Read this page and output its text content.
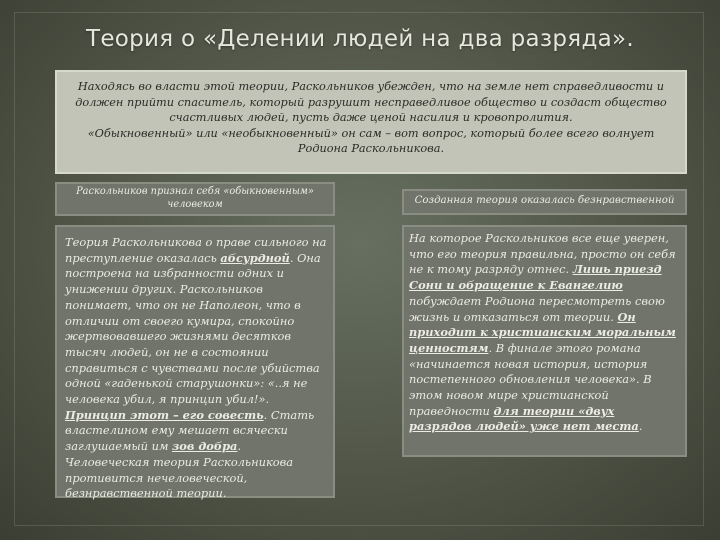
Теория о «Делении людей на два разряда».
Находясь во власти этой теории, Раскольников убежден, что на земле нет справедливости и
должен прийти спаситель, который разрушит несправедливое общество и создаст общество
счастливых людей, пусть даже ценой насилия и кровопролития.
«Обыкновенный» или «необыкновенный» он сам – вот вопрос, который более всего волнует
Родиона Раскольникова.
Раскольников признал себя «обыкновенным» человеком	Созданная теория оказалась безнравственной
Теория Раскольникова о праве сильного на преступление оказалась абсурдной. Она построена на избранности одних и унижении других. Раскольников понимает, что он не Наполеон, что в отличии от своего кумира, спокойно жертвовавшего жизнями десятков тысяч людей, он не в состоянии справиться с чувствами после убийства одной «гаденькой старушонки»: «..я не человека убил, я принцип убил!». Принцип этот – его совесть. Стать властелином ему мешает всячески заглушаемый им зов добра. Человеческая теория Раскольникова противится нечеловеческой, безнравственной теории.
На которое Раскольников все еще уверен, что его теория правильна, просто он себя не к тому разряду отнес. Лишь приезд Сони и обращение к Евангелию побуждает Родиона пересмотреть свою жизнь и отказаться от теории. Он приходит к христианским моральным ценностям. В финале этого романа «начинается новая история, история постепенного обновления человека». В этом новом мире христианской праведности для теории «двух разрядов людей» уже нет места.
